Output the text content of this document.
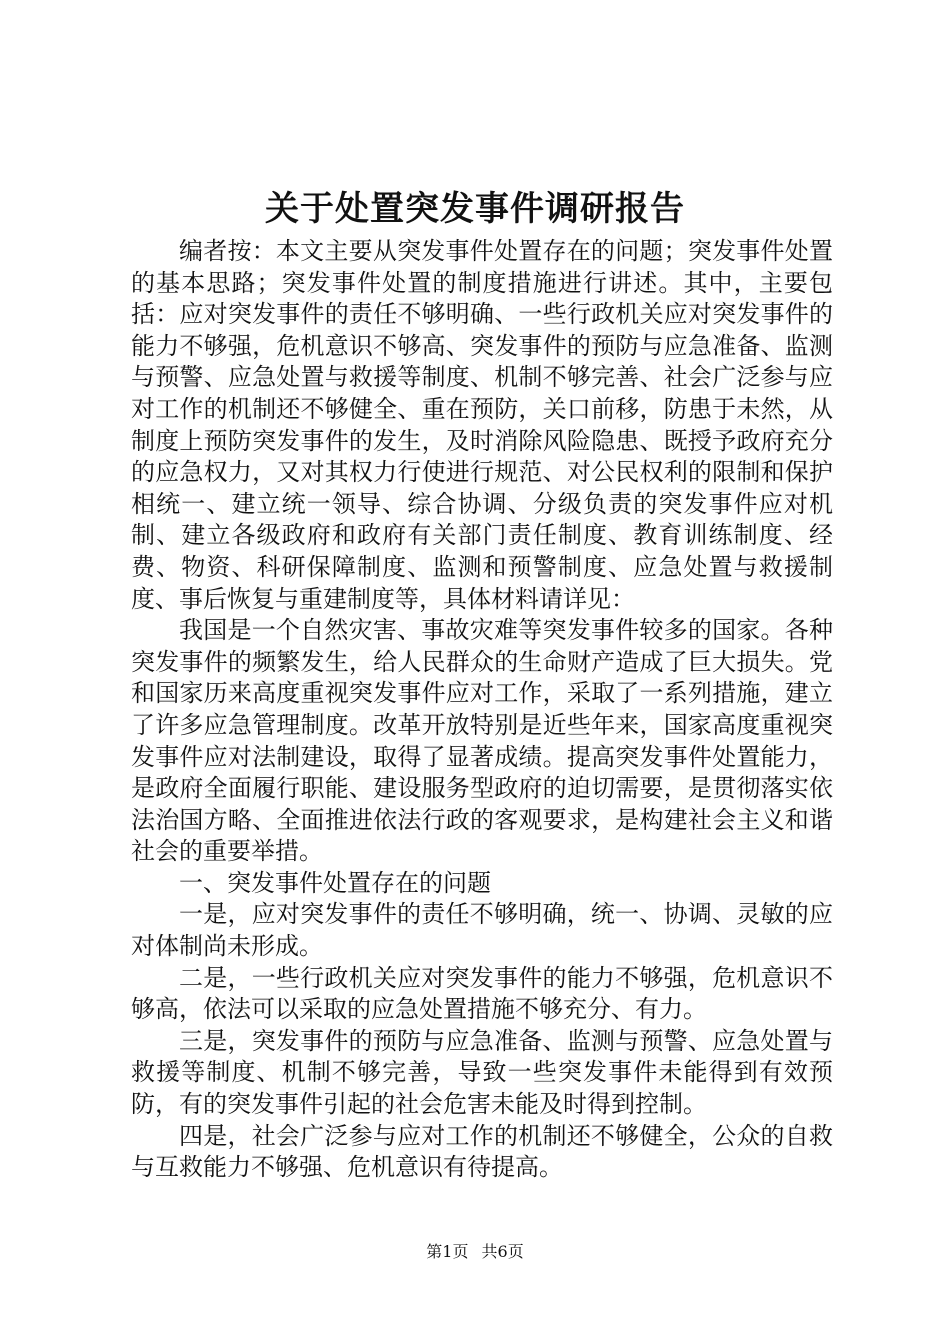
关于处置突发事件调研报告

编者按：本文主要从突发事件处置存在的问题；突发事件处置的基本思路；突发事件处置的制度措施进行讲述。其中，主要包括：应对突发事件的责任不够明确、一些行政机关应对突发事件的能力不够强，危机意识不够高、突发事件的预防与应急准备、监测与预警、应急处置与救援等制度、机制不够完善、社会广泛参与应对工作的机制还不够健全、重在预防，关口前移，防患于未然，从制度上预防突发事件的发生，及时消除风险隐患、既授予政府充分的应急权力，又对其权力行使进行规范、对公民权利的限制和保护相统一、建立统一领导、综合协调、分级负责的突发事件应对机制、建立各级政府和政府有关部门责任制度、教育训练制度、经费、物资、科研保障制度、监测和预警制度、应急处置与救援制度、事后恢复与重建制度等，具体材料请详见：

我国是一个自然灾害、事故灾难等突发事件较多的国家。各种突发事件的频繁发生，给人民群众的生命财产造成了巨大损失。党和国家历来高度重视突发事件应对工作，采取了一系列措施，建立了许多应急管理制度。改革开放特别是近些年来，国家高度重视突发事件应对法制建设，取得了显著成绩。提高突发事件处置能力，是政府全面履行职能、建设服务型政府的迫切需要，是贯彻落实依法治国方略、全面推进依法行政的客观要求，是构建社会主义和谐社会的重要举措。

一、突发事件处置存在的问题

一是，应对突发事件的责任不够明确，统一、协调、灵敏的应对体制尚未形成。

二是，一些行政机关应对突发事件的能力不够强，危机意识不够高，依法可以采取的应急处置措施不够充分、有力。

三是，突发事件的预防与应急准备、监测与预警、应急处置与救援等制度、机制不够完善，导致一些突发事件未能得到有效预防，有的突发事件引起的社会危害未能及时得到控制。

四是，社会广泛参与应对工作的机制还不够健全，公众的自救与互救能力不够强、危机意识有待提高。

第1页 共6页
